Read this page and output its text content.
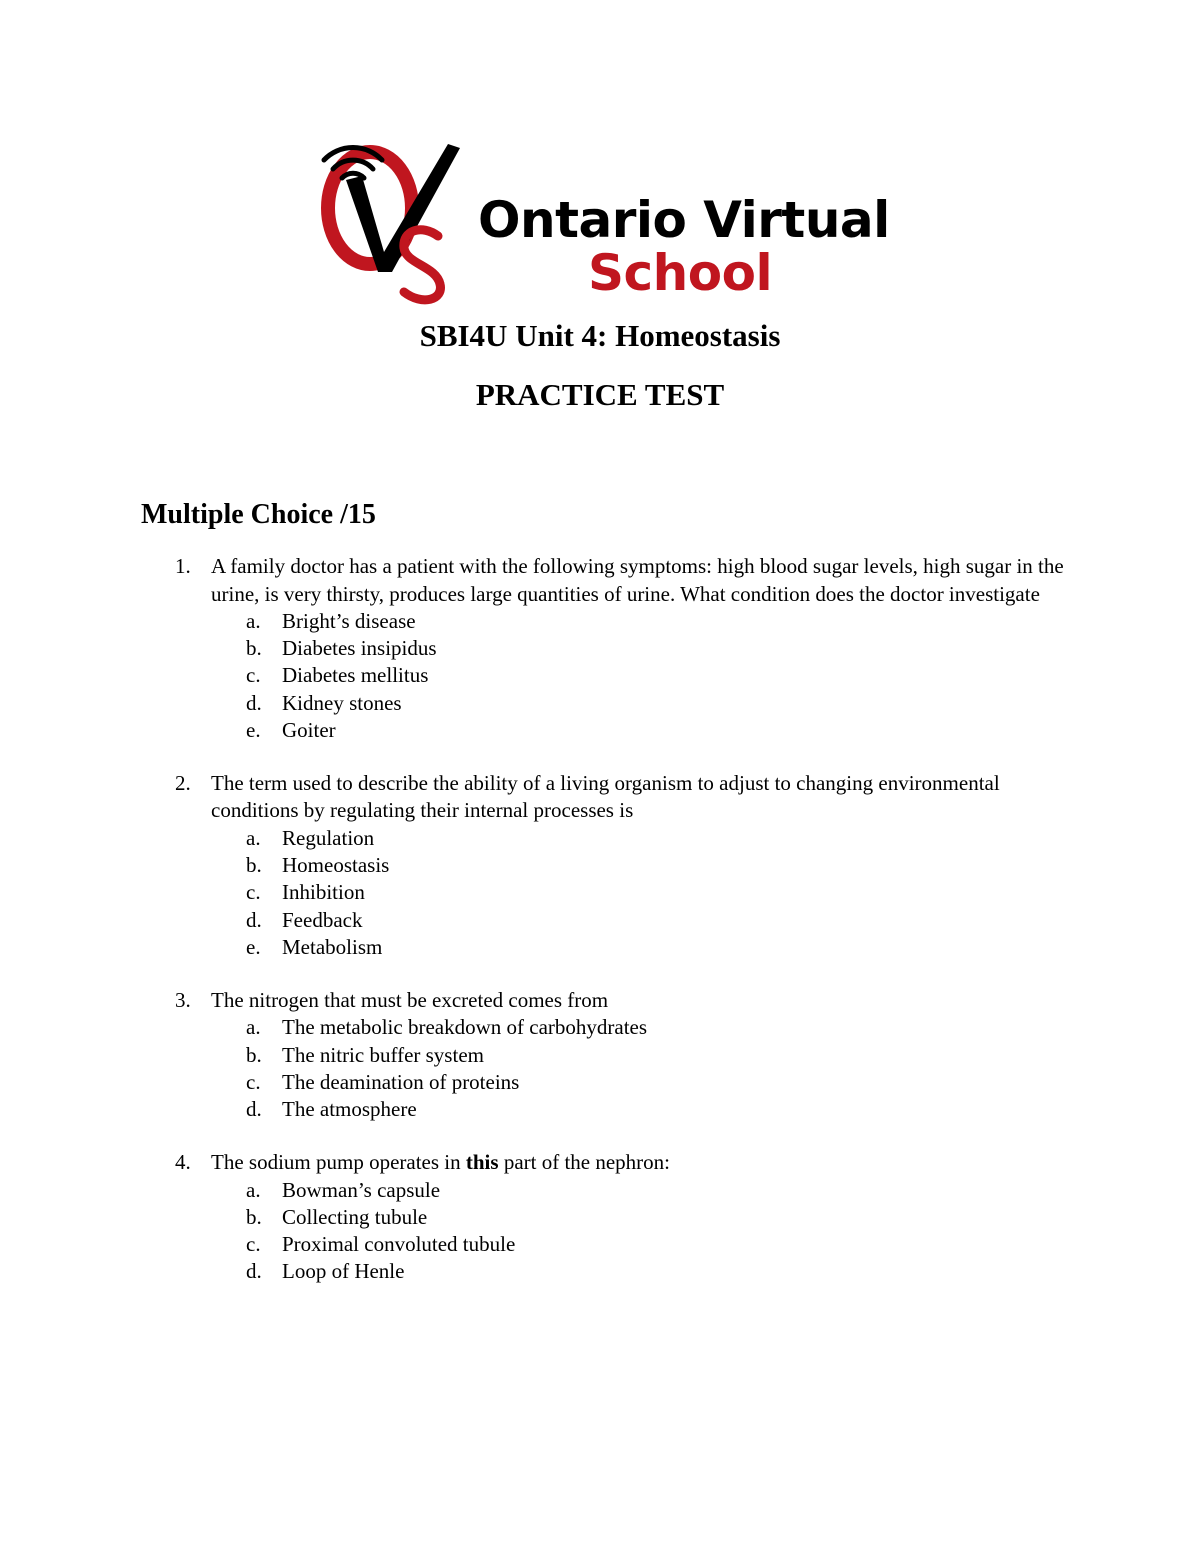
Ontario Virtual
School
SBI4U Unit 4: Homeostasis
PRACTICE TEST
Multiple Choice /15
1. A family doctor has a patient with the following symptoms: high blood sugar levels, high sugar in the urine, is very thirsty, produces large quantities of urine. What condition does the doctor investigate
a. Bright’s disease
b. Diabetes insipidus
c. Diabetes mellitus
d. Kidney stones
e. Goiter
2. The term used to describe the ability of a living organism to adjust to changing environmental conditions by regulating their internal processes is
a. Regulation
b. Homeostasis
c. Inhibition
d. Feedback
e. Metabolism
3. The nitrogen that must be excreted comes from
a. The metabolic breakdown of carbohydrates
b. The nitric buffer system
c. The deamination of proteins
d. The atmosphere
4. The sodium pump operates in this part of the nephron:
a. Bowman’s capsule
b. Collecting tubule
c. Proximal convoluted tubule
d. Loop of Henle
